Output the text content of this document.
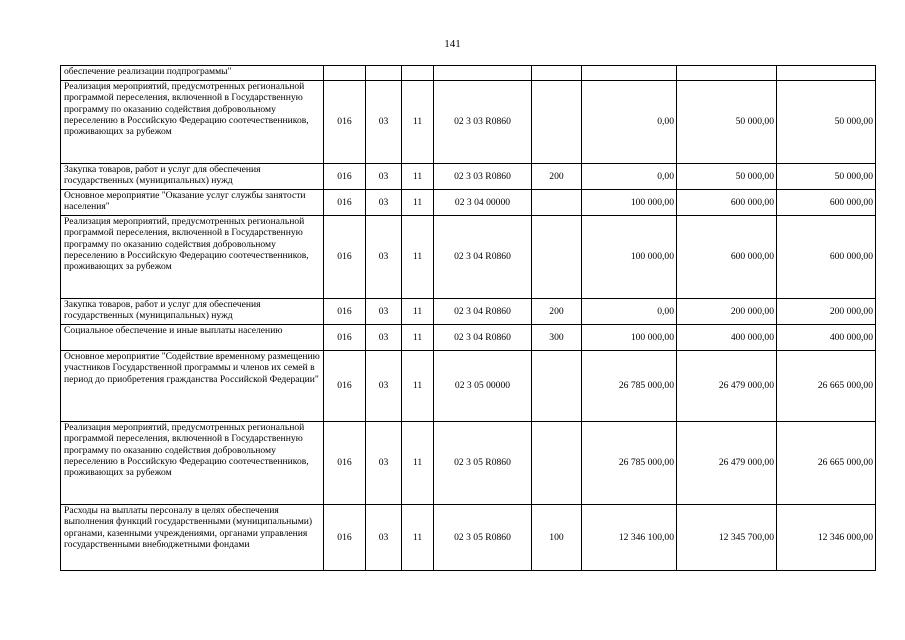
141
обеспечение реализации подпрограммы"								
Реализация мероприятий, предусмотренных региональной программой переселения, включенной в Государственную программу по оказанию содействия добровольному переселению в Российскую Федерацию соотечественников, проживающих за рубежом	016	03	11	02 3 03 R0860		0,00	50 000,00	50 000,00
Закупка товаров, работ и услуг для обеспечения государственных (муниципальных) нужд	016	03	11	02 3 03 R0860	200	0,00	50 000,00	50 000,00
Основное мероприятие "Оказание услуг службы занятости населения"	016	03	11	02 3 04 00000		100 000,00	600 000,00	600 000,00
Реализация мероприятий, предусмотренных региональной программой переселения, включенной в Государственную программу по оказанию содействия добровольному переселению в Российскую Федерацию соотечественников, проживающих за рубежом	016	03	11	02 3 04 R0860		100 000,00	600 000,00	600 000,00
Закупка товаров, работ и услуг для обеспечения государственных (муниципальных) нужд	016	03	11	02 3 04 R0860	200	0,00	200 000,00	200 000,00
Социальное обеспечение и иные выплаты населению	016	03	11	02 3 04 R0860	300	100 000,00	400 000,00	400 000,00
Основное мероприятие "Содействие временному размещению участников Государственной программы и членов их семей в период до приобретения гражданства Российской Федерации"	016	03	11	02 3 05 00000		26 785 000,00	26 479 000,00	26 665 000,00
Реализация мероприятий, предусмотренных региональной программой переселения, включенной в Государственную программу по оказанию содействия добровольному переселению в Российскую Федерацию соотечественников, проживающих за рубежом	016	03	11	02 3 05 R0860		26 785 000,00	26 479 000,00	26 665 000,00
Расходы на выплаты персоналу в целях обеспечения выполнения функций государственными (муниципальными) органами, казенными учреждениями, органами управления государственными внебюджетными фондами	016	03	11	02 3 05 R0860	100	12 346 100,00	12 345 700,00	12 346 000,00
